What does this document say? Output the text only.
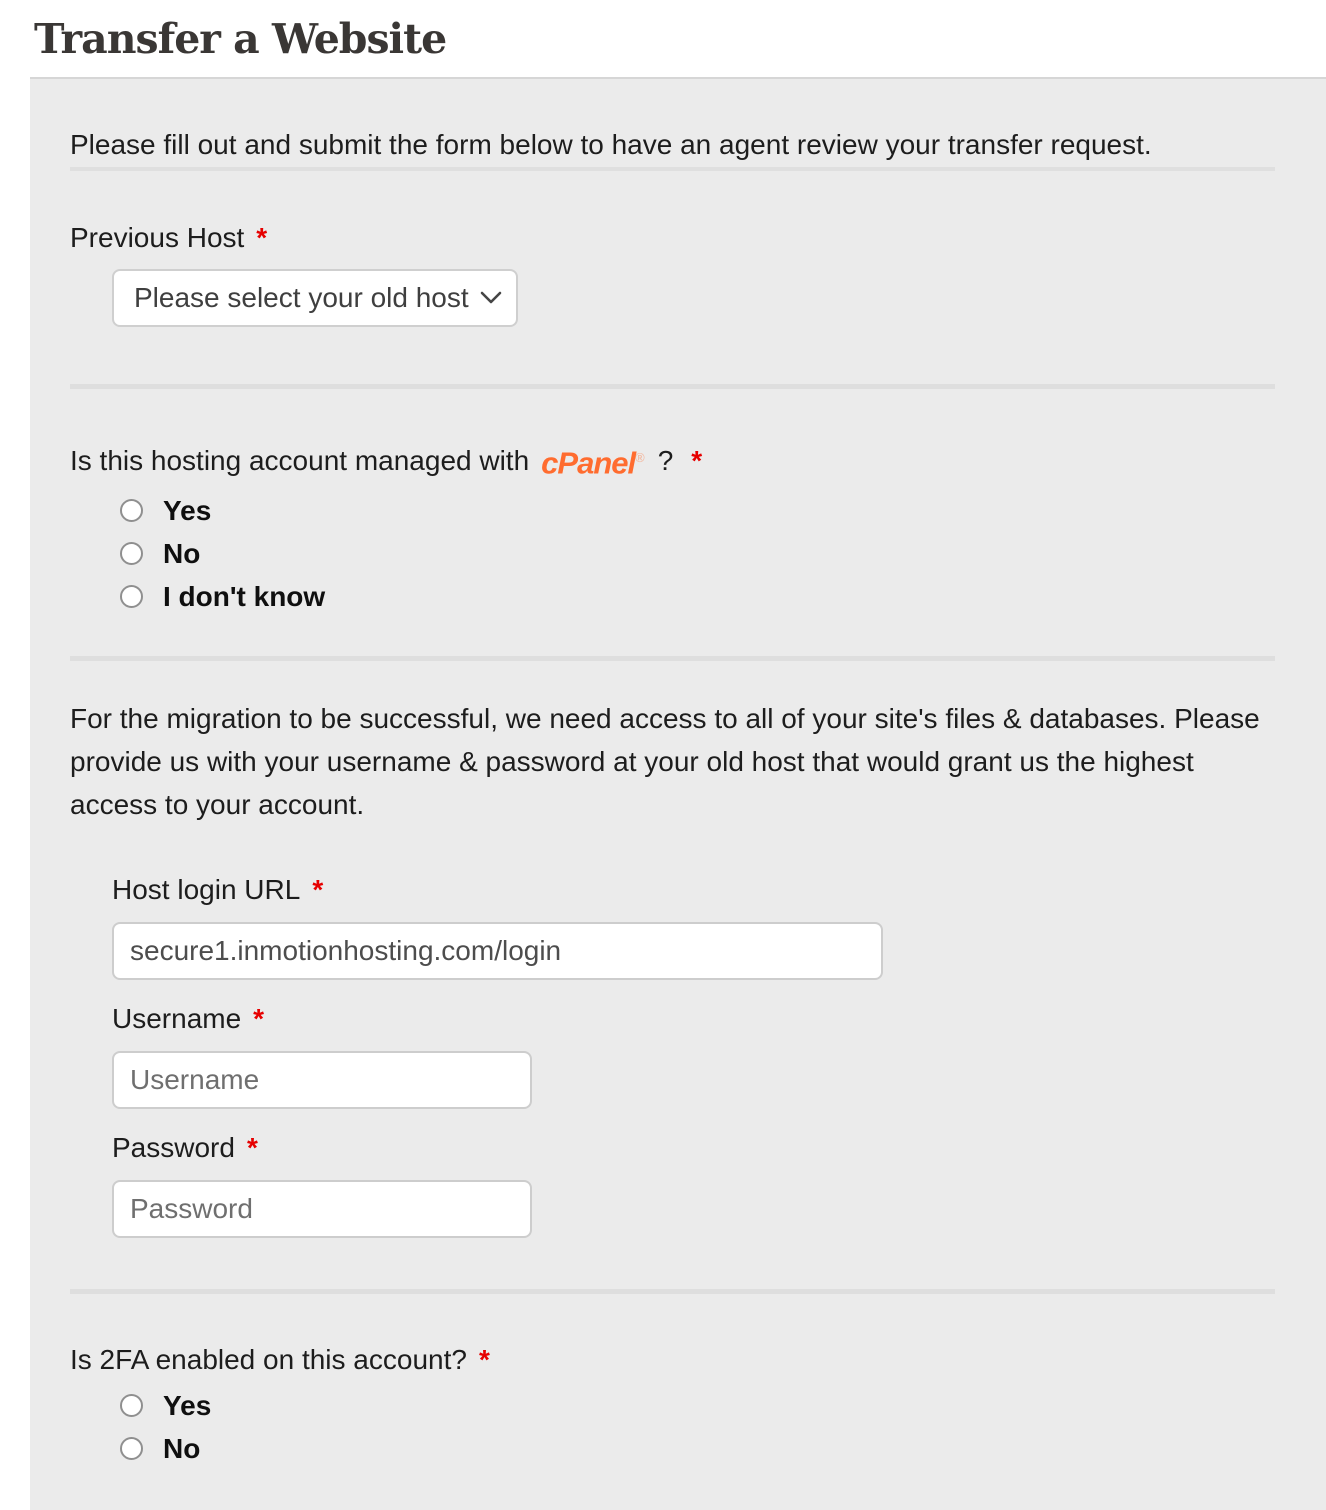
Transfer a Website
Please fill out and submit the form below to have an agent review your transfer request.
Previous Host *
Please select your old host
Is this hosting account managed with cPanel® ? *
Yes
No
I don't know
For the migration to be successful, we need access to all of your site's files & databases. Please provide us with your username & password at your old host that would grant us the highest access to your account.
Host login URL *
secure1.inmotionhosting.com/login
Username *
Username
Password *
Password
Is 2FA enabled on this account? *
Yes
No
